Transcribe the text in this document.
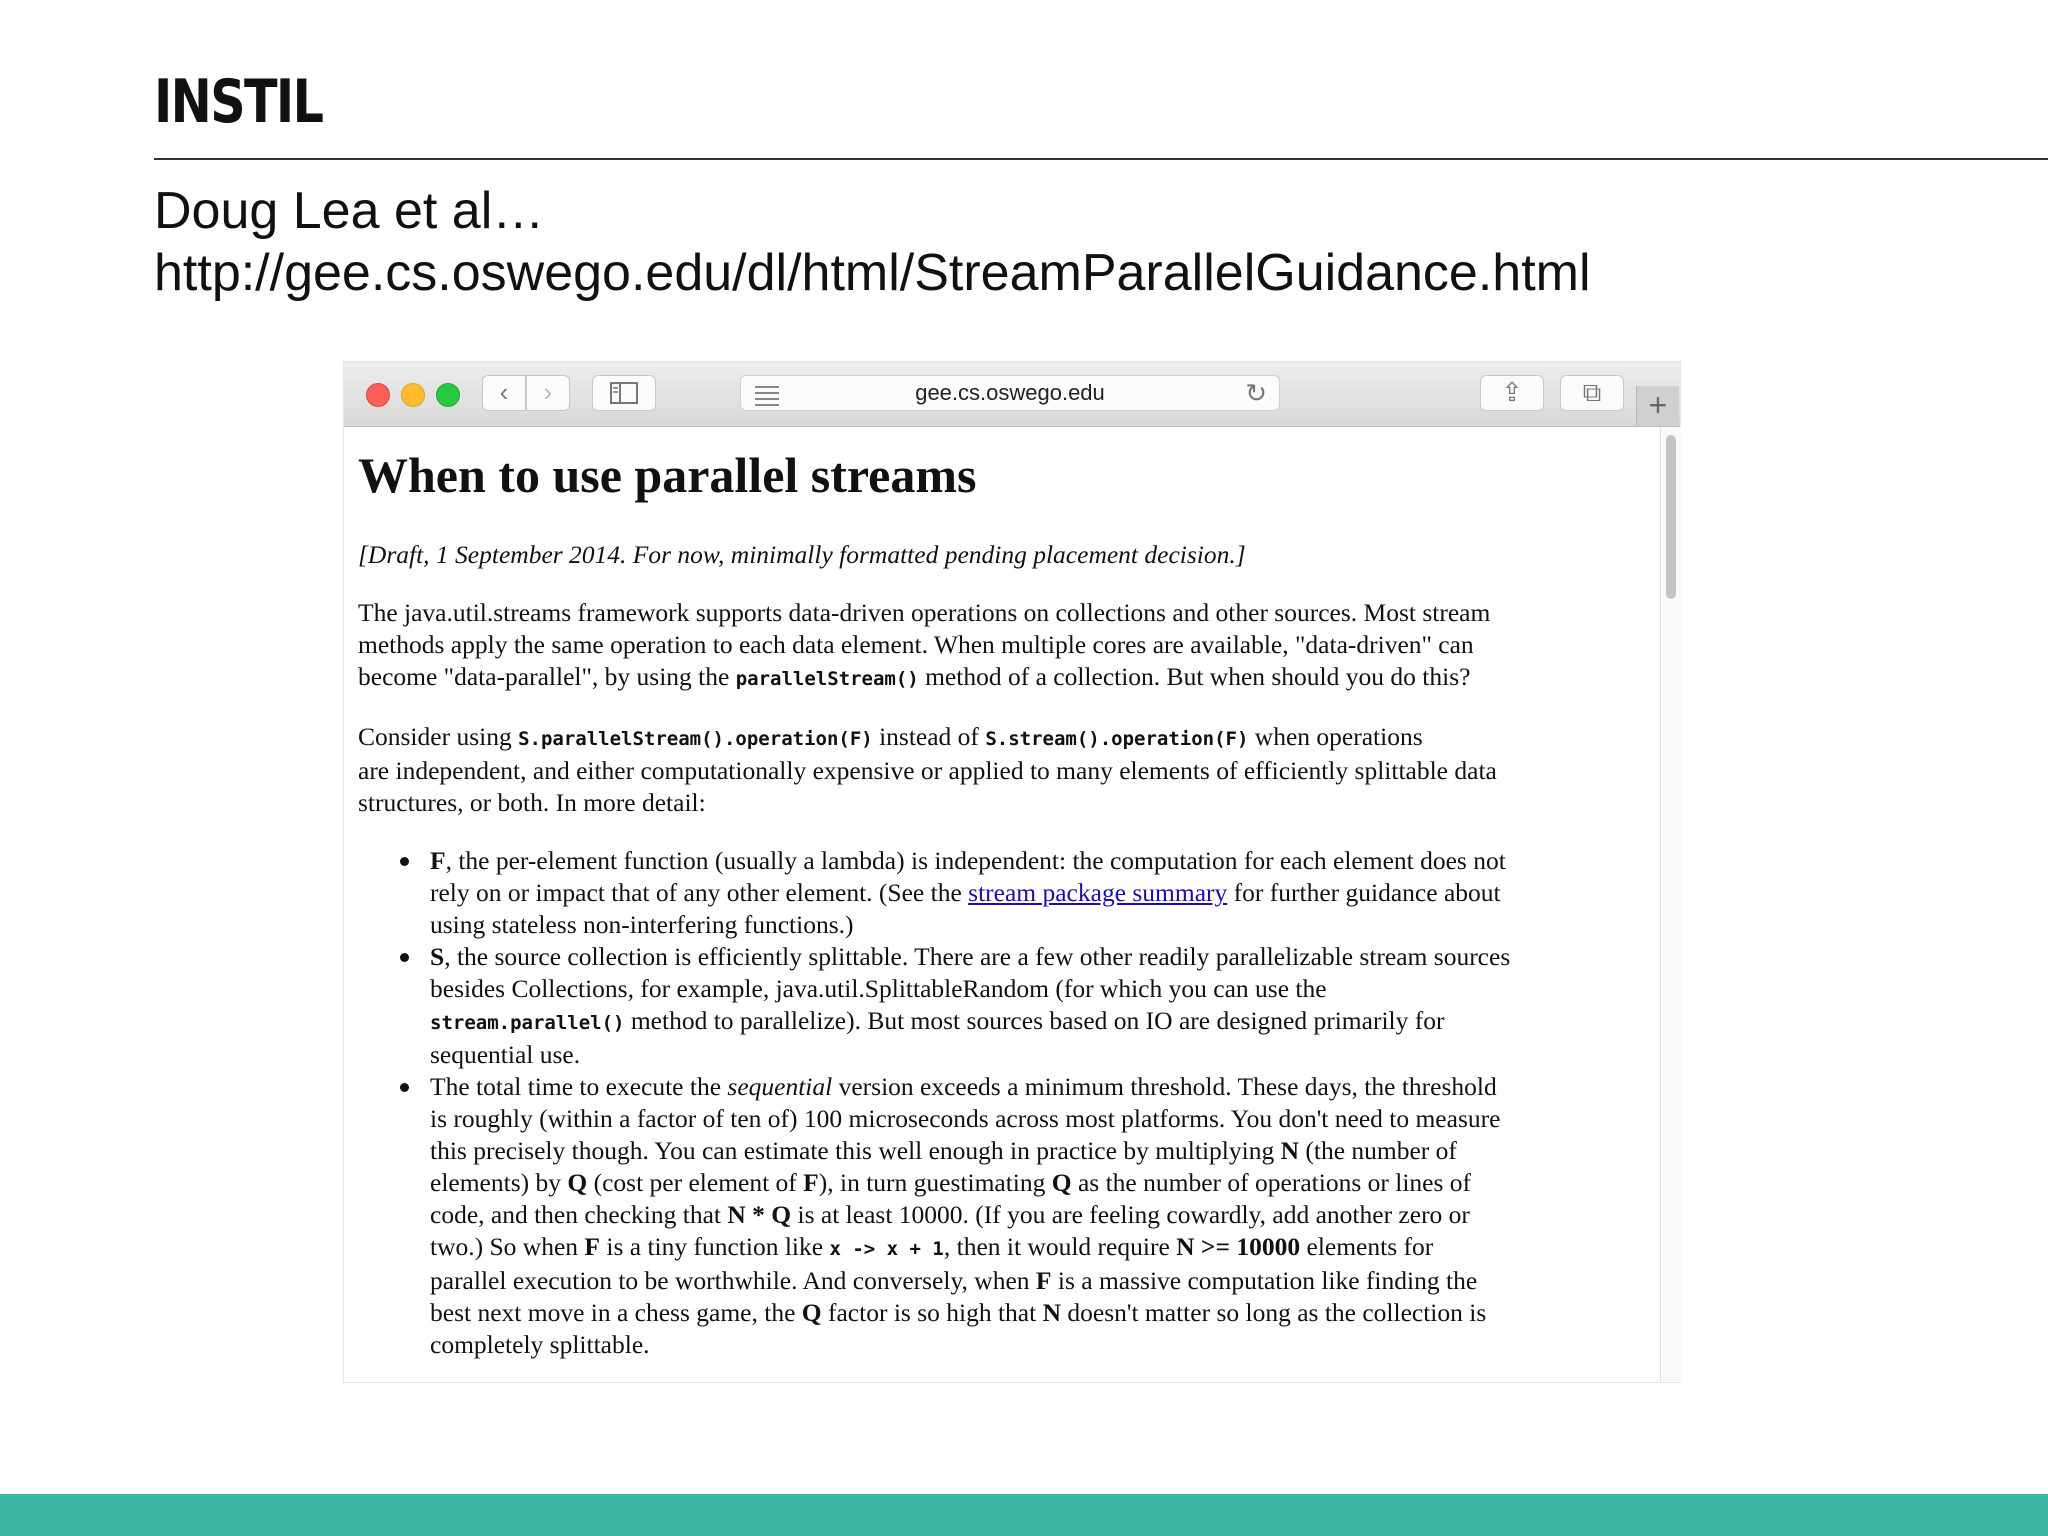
INSTIL
Doug Lea et al…
http://gee.cs.oswego.edu/dl/html/StreamParallelGuidance.html
‹	›	gee.cs.oswego.edu	↻	⇪	⧉	+
When to use parallel streams
[Draft, 1 September 2014. For now, minimally formatted pending placement decision.]
The java.util.streams framework supports data-driven operations on collections and other sources. Most stream
methods apply the same operation to each data element. When multiple cores are available, "data-driven" can
become "data-parallel", by using the parallelStream() method of a collection. But when should you do this?
Consider using S.parallelStream().operation(F) instead of S.stream().operation(F) when operations
are independent, and either computationally expensive or applied to many elements of efficiently splittable data
structures, or both. In more detail:
F, the per-element function (usually a lambda) is independent: the computation for each element does not
rely on or impact that of any other element. (See the stream package summary for further guidance about
using stateless non-interfering functions.)
S, the source collection is efficiently splittable. There are a few other readily parallelizable stream sources
besides Collections, for example, java.util.SplittableRandom (for which you can use the
stream.parallel() method to parallelize). But most sources based on IO are designed primarily for
sequential use.
The total time to execute the sequential version exceeds a minimum threshold. These days, the threshold
is roughly (within a factor of ten of) 100 microseconds across most platforms. You don't need to measure
this precisely though. You can estimate this well enough in practice by multiplying N (the number of
elements) by Q (cost per element of F), in turn guestimating Q as the number of operations or lines of
code, and then checking that N * Q is at least 10000. (If you are feeling cowardly, add another zero or
two.) So when F is a tiny function like x -> x + 1, then it would require N >= 10000 elements for
parallel execution to be worthwhile. And conversely, when F is a massive computation like finding the
best next move in a chess game, the Q factor is so high that N doesn't matter so long as the collection is
completely splittable.
